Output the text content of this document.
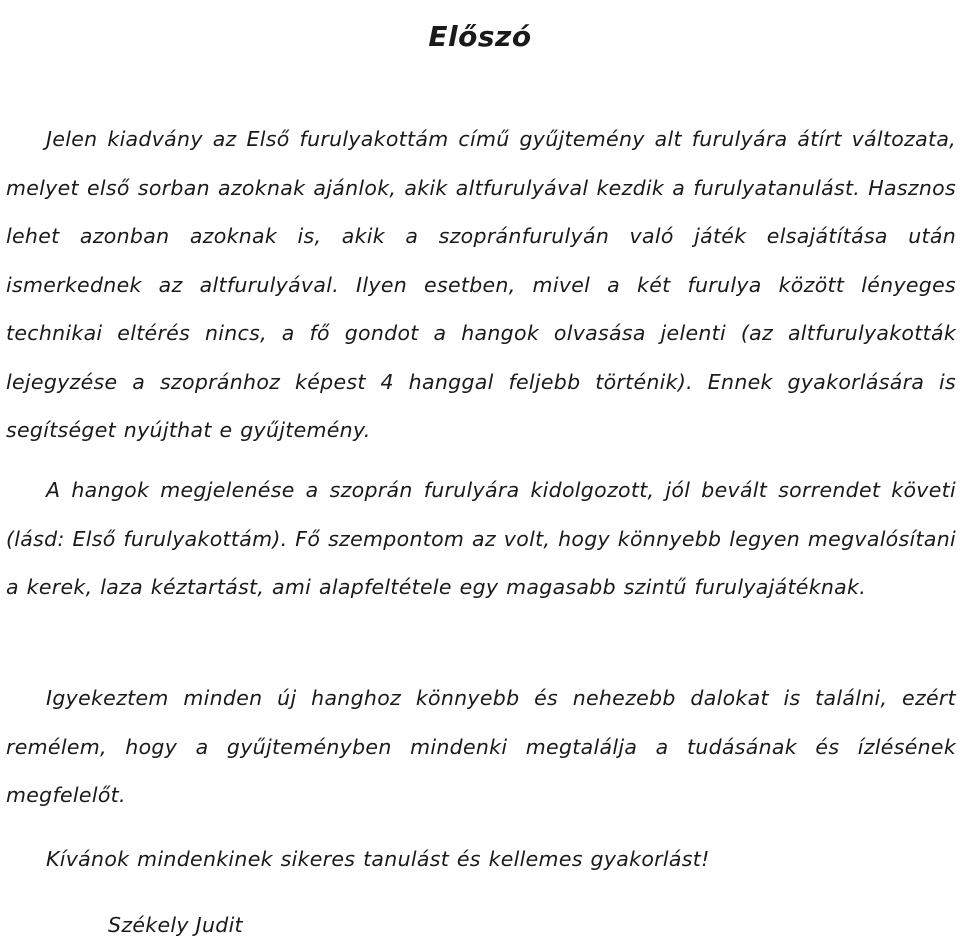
Előszó

Jelen kiadvány az Első furulyakottám című gyűjtemény alt furulyára átírt változata, melyet első sorban azoknak ajánlok, akik altfurulyával kezdik a furulyatanulást. Hasznos lehet azonban azoknak is, akik a szopránfurulyán való játék elsajátítása után ismerkednek az altfurulyával. Ilyen esetben, mivel a két furulya között lényeges technikai eltérés nincs, a fő gondot a hangok olvasása jelenti (az altfurulyakották lejegyzése a szopránhoz képest 4 hanggal feljebb történik). Ennek gyakorlására is segítséget nyújthat e gyűjtemény.

A hangok megjelenése a szoprán furulyára kidolgozott, jól bevált sorrendet követi (lásd: Első furulyakottám). Fő szempontom az volt, hogy könnyebb legyen megvalósítani a kerek, laza kéztartást, ami alapfeltétele egy magasabb szintű furulyajátéknak.

Igyekeztem minden új hanghoz könnyebb és nehezebb dalokat is találni, ezért remélem, hogy a gyűjteményben mindenki megtalálja a tudásának és ízlésének megfelelőt.

Kívánok mindenkinek sikeres tanulást és kellemes gyakorlást!

Székely Judit
